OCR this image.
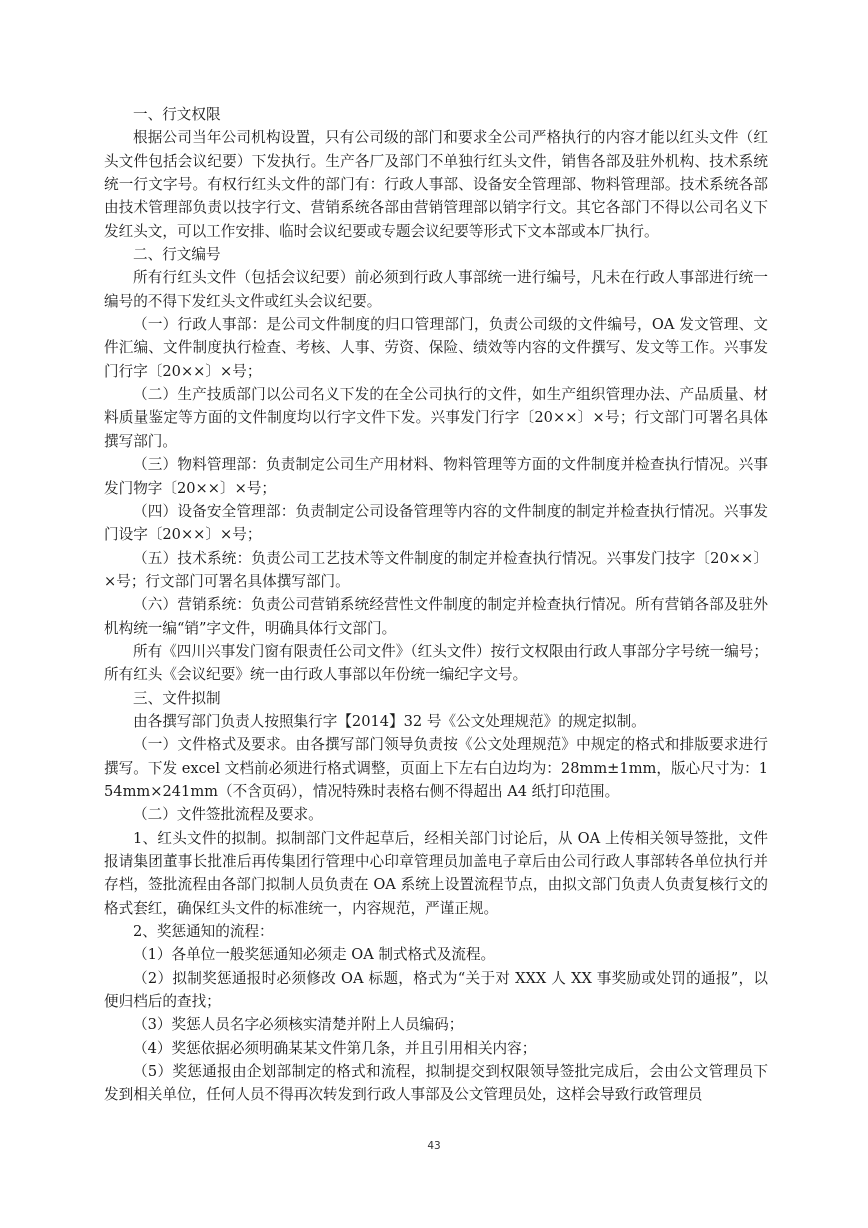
一、行文权限

根据公司当年公司机构设置，只有公司级的部门和要求全公司严格执行的内容才能以红头文件（红头文件包括会议纪要）下发执行。生产各厂及部门不单独行红头文件，销售各部及驻外机构、技术系统统一行文字号。有权行红头文件的部门有：行政人事部、设备安全管理部、物料管理部。技术系统各部由技术管理部负责以技字行文、营销系统各部由营销管理部以销字行文。其它各部门不得以公司名义下发红头文，可以工作安排、临时会议纪要或专题会议纪要等形式下文本部或本厂执行。

二、行文编号

所有行红头文件（包括会议纪要）前必须到行政人事部统一进行编号，凡未在行政人事部进行统一编号的不得下发红头文件或红头会议纪要。

（一）行政人事部：是公司文件制度的归口管理部门，负责公司级的文件编号，OA 发文管理、文件汇编、文件制度执行检查、考核、人事、劳资、保险、绩效等内容的文件撰写、发文等工作。兴事发门行字〔20××〕×号；

（二）生产技质部门以公司名义下发的在全公司执行的文件，如生产组织管理办法、产品质量、材料质量鉴定等方面的文件制度均以行字文件下发。兴事发门行字〔20××〕×号；行文部门可署名具体撰写部门。

（三）物料管理部：负责制定公司生产用材料、物料管理等方面的文件制度并检查执行情况。兴事发门物字〔20××〕×号；

（四）设备安全管理部：负责制定公司设备管理等内容的文件制度的制定并检查执行情况。兴事发门设字〔20××〕×号；

（五）技术系统：负责公司工艺技术等文件制度的制定并检查执行情况。兴事发门技字〔20××〕×号；行文部门可署名具体撰写部门。

（六）营销系统：负责公司营销系统经营性文件制度的制定并检查执行情况。所有营销各部及驻外机构统一编“销”字文件，明确具体行文部门。

所有《四川兴事发门窗有限责任公司文件》（红头文件）按行文权限由行政人事部分字号统一编号；所有红头《会议纪要》统一由行政人事部以年份统一编纪字文号。

三、文件拟制

由各撰写部门负责人按照集行字【2014】32 号《公文处理规范》的规定拟制。

（一）文件格式及要求。由各撰写部门领导负责按《公文处理规范》中规定的格式和排版要求进行撰写。下发 excel 文档前必须进行格式调整，页面上下左右白边均为：28mm±1mm，版心尺寸为：154mm×241mm（不含页码），情况特殊时表格右侧不得超出 A4 纸打印范围。

（二）文件签批流程及要求。

1、红头文件的拟制。拟制部门文件起草后，经相关部门讨论后，从 OA 上传相关领导签批，文件报请集团董事长批准后再传集团行管理中心印章管理员加盖电子章后由公司行政人事部转各单位执行并存档，签批流程由各部门拟制人员负责在 OA 系统上设置流程节点，由拟文部门负责人负责复核行文的格式套红，确保红头文件的标准统一，内容规范，严谨正规。

2、奖惩通知的流程：

（1）各单位一般奖惩通知必须走 OA 制式格式及流程。

（2）拟制奖惩通报时必须修改 OA 标题，格式为“关于对 XXX 人 XX 事奖励或处罚的通报”，以便归档后的查找；

（3）奖惩人员名字必须核实清楚并附上人员编码；

（4）奖惩依据必须明确某某文件第几条，并且引用相关内容；

（5）奖惩通报由企划部制定的格式和流程，拟制提交到权限领导签批完成后，会由公文管理员下发到相关单位，任何人员不得再次转发到行政人事部及公文管理员处，这样会导致行政管理员

43
